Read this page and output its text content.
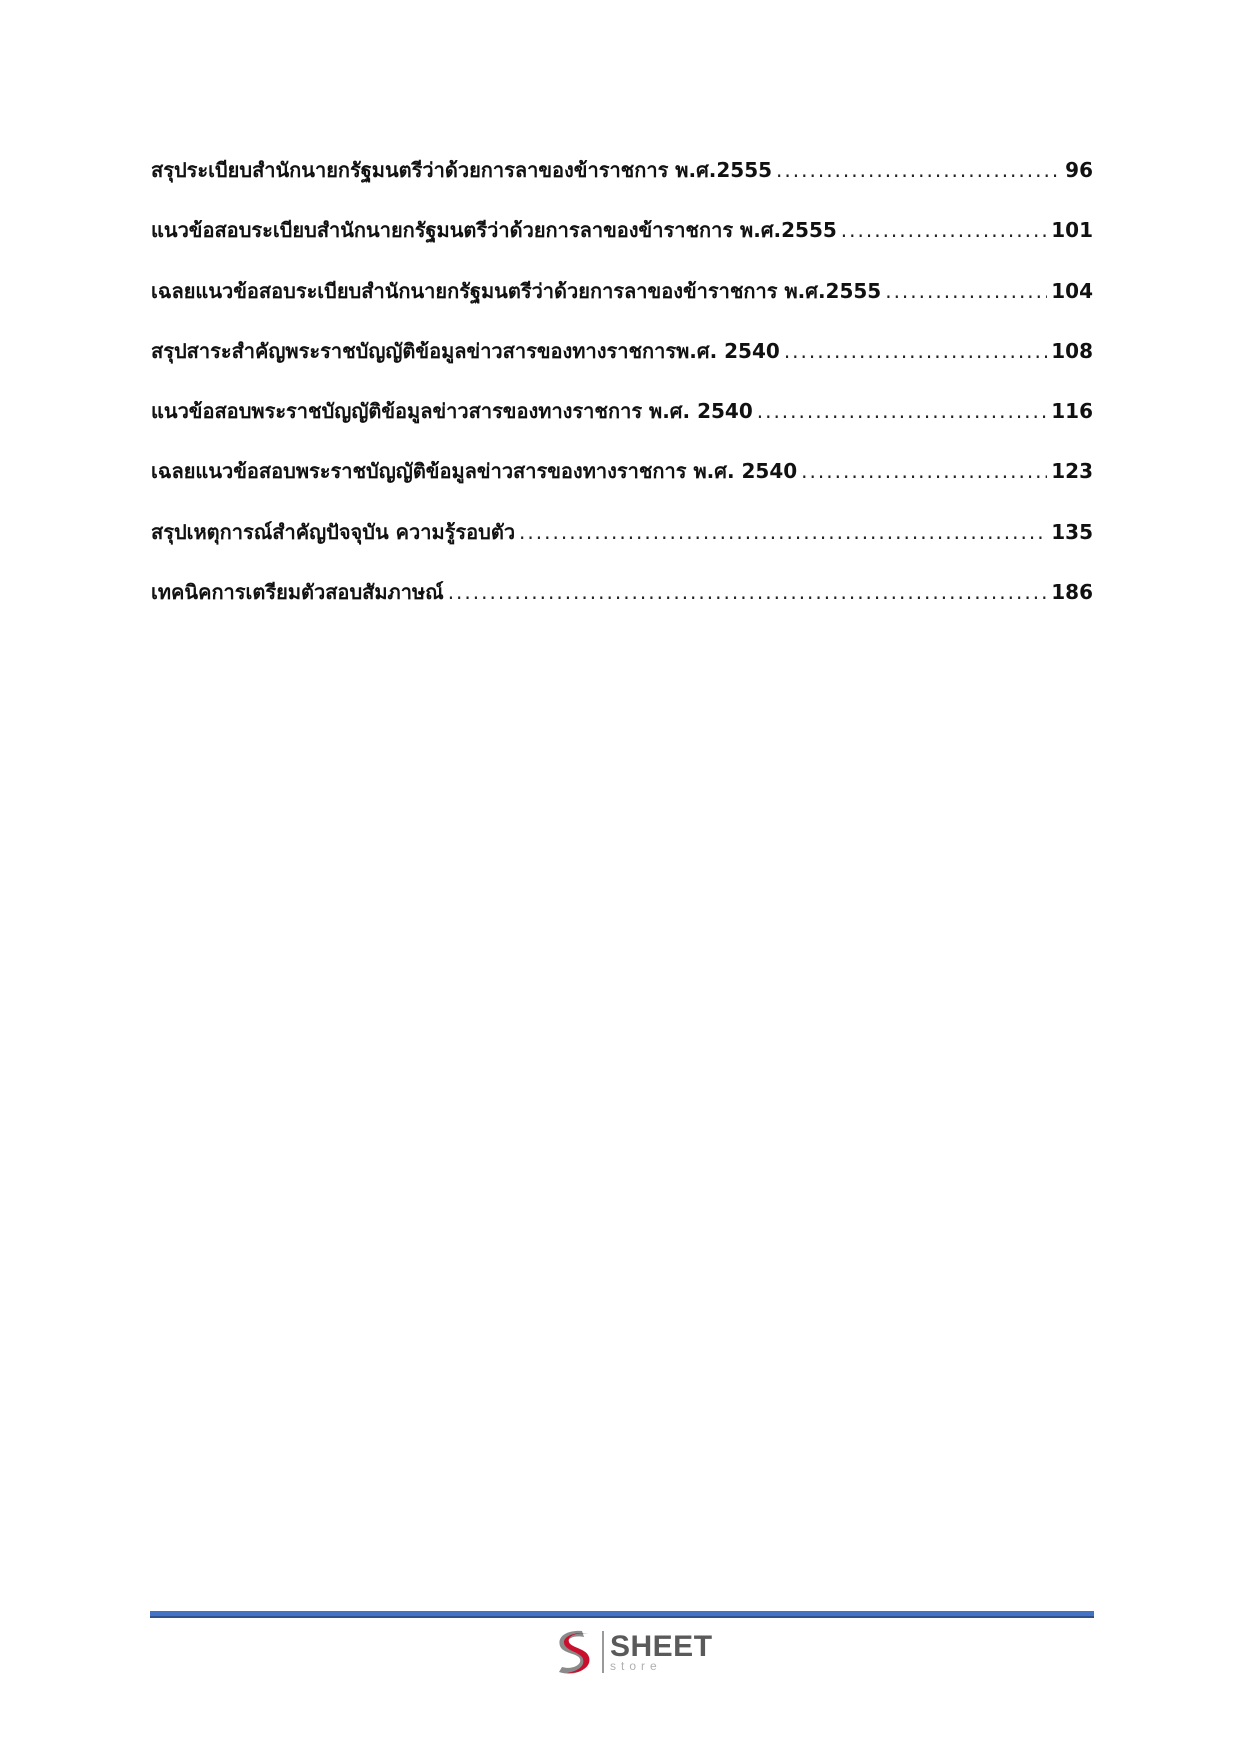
สรุประเบียบสำนักนายกรัฐมนตรีว่าด้วยการลาของข้าราชการ พ.ศ.2555 .....	96
แนวข้อสอบระเบียบสำนักนายกรัฐมนตรีว่าด้วยการลาของข้าราชการ พ.ศ.2555 .....	101
เฉลยแนวข้อสอบระเบียบสำนักนายกรัฐมนตรีว่าด้วยการลาของข้าราชการ พ.ศ.2555 .....	104
สรุปสาระสำคัญพระราชบัญญัติข้อมูลข่าวสารของทางราชการพ.ศ. 2540 .....	108
แนวข้อสอบพระราชบัญญัติข้อมูลข่าวสารของทางราชการ พ.ศ. 2540 .....	116
เฉลยแนวข้อสอบพระราชบัญญัติข้อมูลข่าวสารของทางราชการ พ.ศ. 2540 .....	123
สรุปเหตุการณ์สำคัญปัจจุบัน ความรู้รอบตัว .....	135
เทคนิคการเตรียมตัวสอบสัมภาษณ์ .....	186
SHEET
store
